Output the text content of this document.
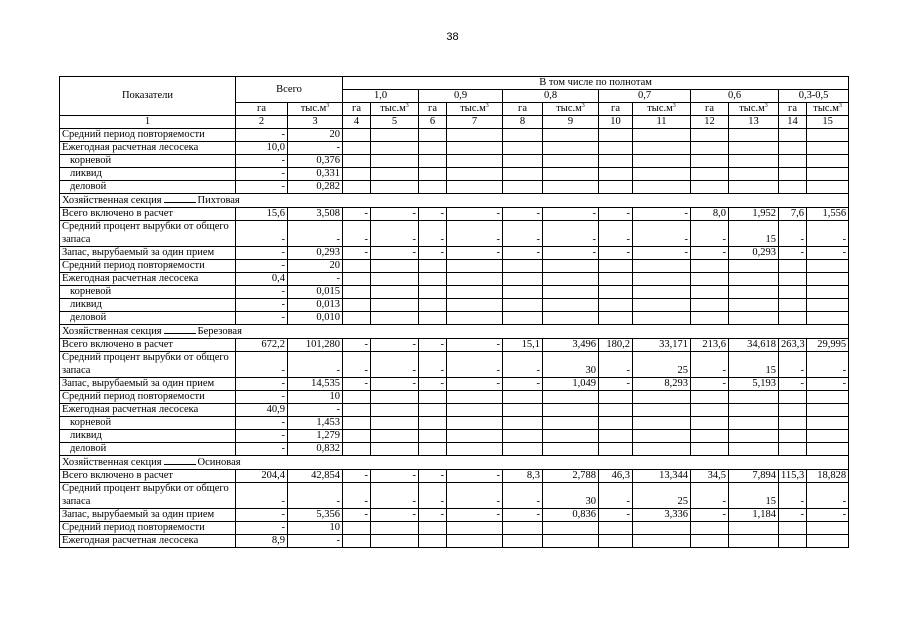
38
Показатели	Всего		В том числе по полнотам											
			1,0		0,9		0,8		0,7		0,6		0,3-0,5	
	га	$тыс.м^3$	га	$тыс.м^3$	га	$тыс.м^3$	га	$тыс.м^3$	га	$тыс.м^3$	га	$тыс.м^3$	га	$тыс.м^3$
1	2	3	4	5	6	7	8	9	10	11	12	13	14	15
Средний период повторяемости	-	20												
Ежегодная расчетная лесосека	10,0	-												
корневой	-	0,376												
ликвид	-	0,331												
деловой	-	0,282												
Хозяйственная секция Пихтовая														
Всего включено в расчет	15,6	3,508	-	-	-	-	-	-	-	-	8,0	1,952	7,6	1,556
Средний процент вырубки от общего запаса	-	-	-	-	-	-	-	-	-	-	-	15	-	-
Запас, вырубаемый за один прием	-	0,293	-	-	-	-	-	-	-	-	-	0,293	-	-
Средний период повторяемости	-	20												
Ежегодная расчетная лесосека	0,4	-												
корневой	-	0,015												
ликвид	-	0,013												
деловой	-	0,010												
Хозяйственная секция Березовая														
Всего включено в расчет	672,2	101,280	-	-	-	-	15,1	3,496	180,2	33,171	213,6	34,618	263,3	29,995
Средний процент вырубки от общего запаса	-	-	-	-	-	-	-	30	-	25	-	15	-	-
Запас, вырубаемый за один прием	-	14,535	-	-	-	-	-	1,049	-	8,293	-	5,193	-	-
Средний период повторяемости	-	10												
Ежегодная расчетная лесосека	40,9	-												
корневой	-	1,453												
ликвид	-	1,279												
деловой	-	0,832												
Хозяйственная секция Осиновая														
Всего включено в расчет	204,4	42,854	-	-	-	-	8,3	2,788	46,3	13,344	34,5	7,894	115,3	18,828
Средний процент вырубки от общего запаса	-	-	-	-	-	-	-	30	-	25	-	15	-	-
Запас, вырубаемый за один прием	-	5,356	-	-	-	-	-	0,836	-	3,336	-	1,184	-	-
Средний период повторяемости	-	10												
Ежегодная расчетная лесосека	8,9	-												
